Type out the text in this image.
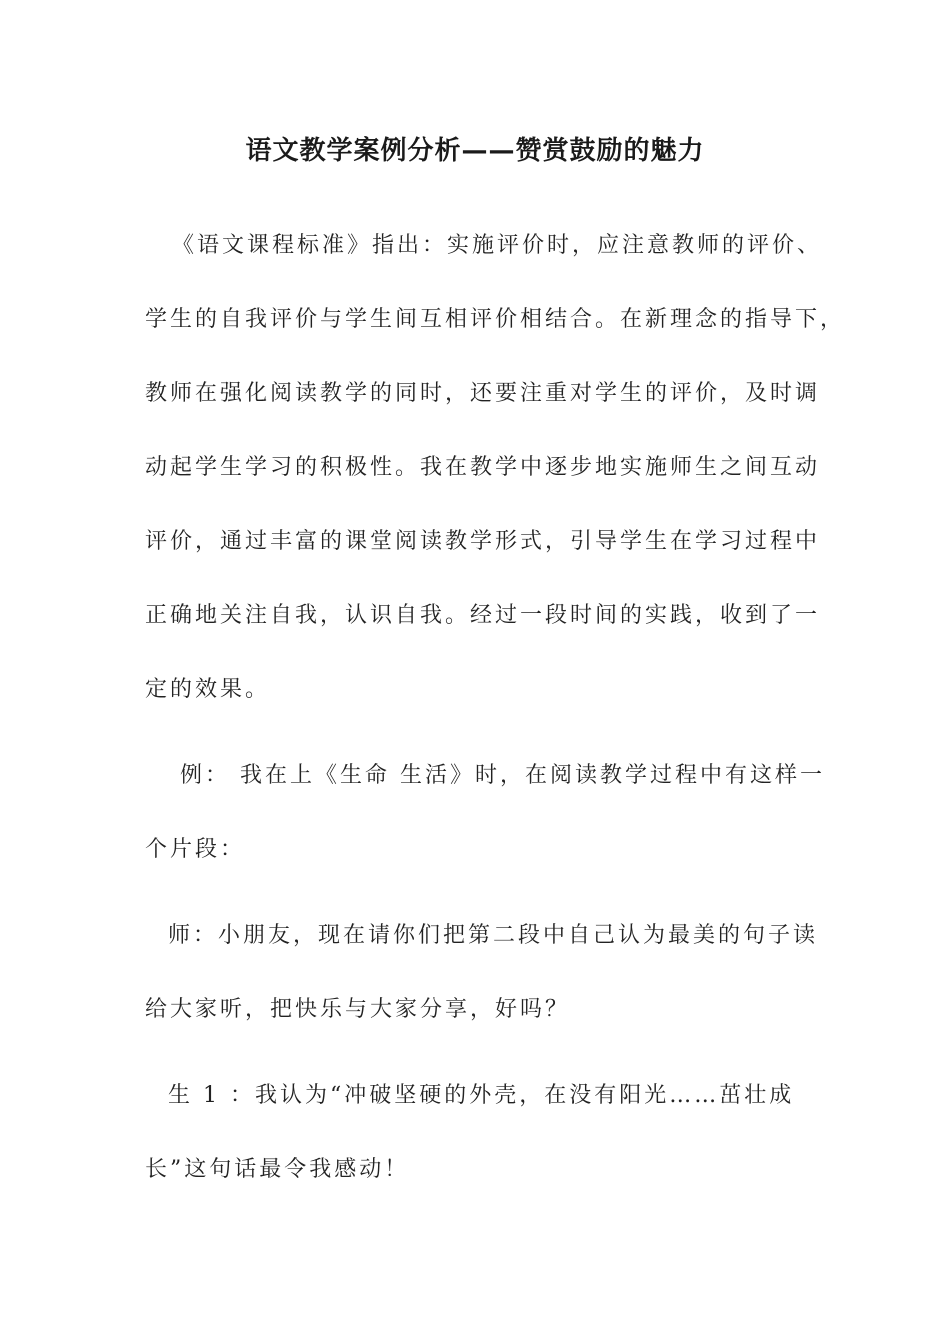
语文教学案例分析——赞赏鼓励的魅力
《语文课程标准》指出：实施评价时，应注意教师的评价、
学生的自我评价与学生间互相评价相结合。在新理念的指导下，
教师在强化阅读教学的同时，还要注重对学生的评价，及时调
动起学生学习的积极性。我在教学中逐步地实施师生之间互动
评价，通过丰富的课堂阅读教学形式，引导学生在学习过程中
正确地关注自我，认识自我。经过一段时间的实践，收到了一
定的效果。
例： 我在上《生命 生活》时，在阅读教学过程中有这样一
个片段：
师：小朋友，现在请你们把第二段中自己认为最美的句子读
给大家听，把快乐与大家分享，好吗？
生 1 ：我认为“冲破坚硬的外壳，在没有阳光……茁壮成
长”这句话最令我感动！
